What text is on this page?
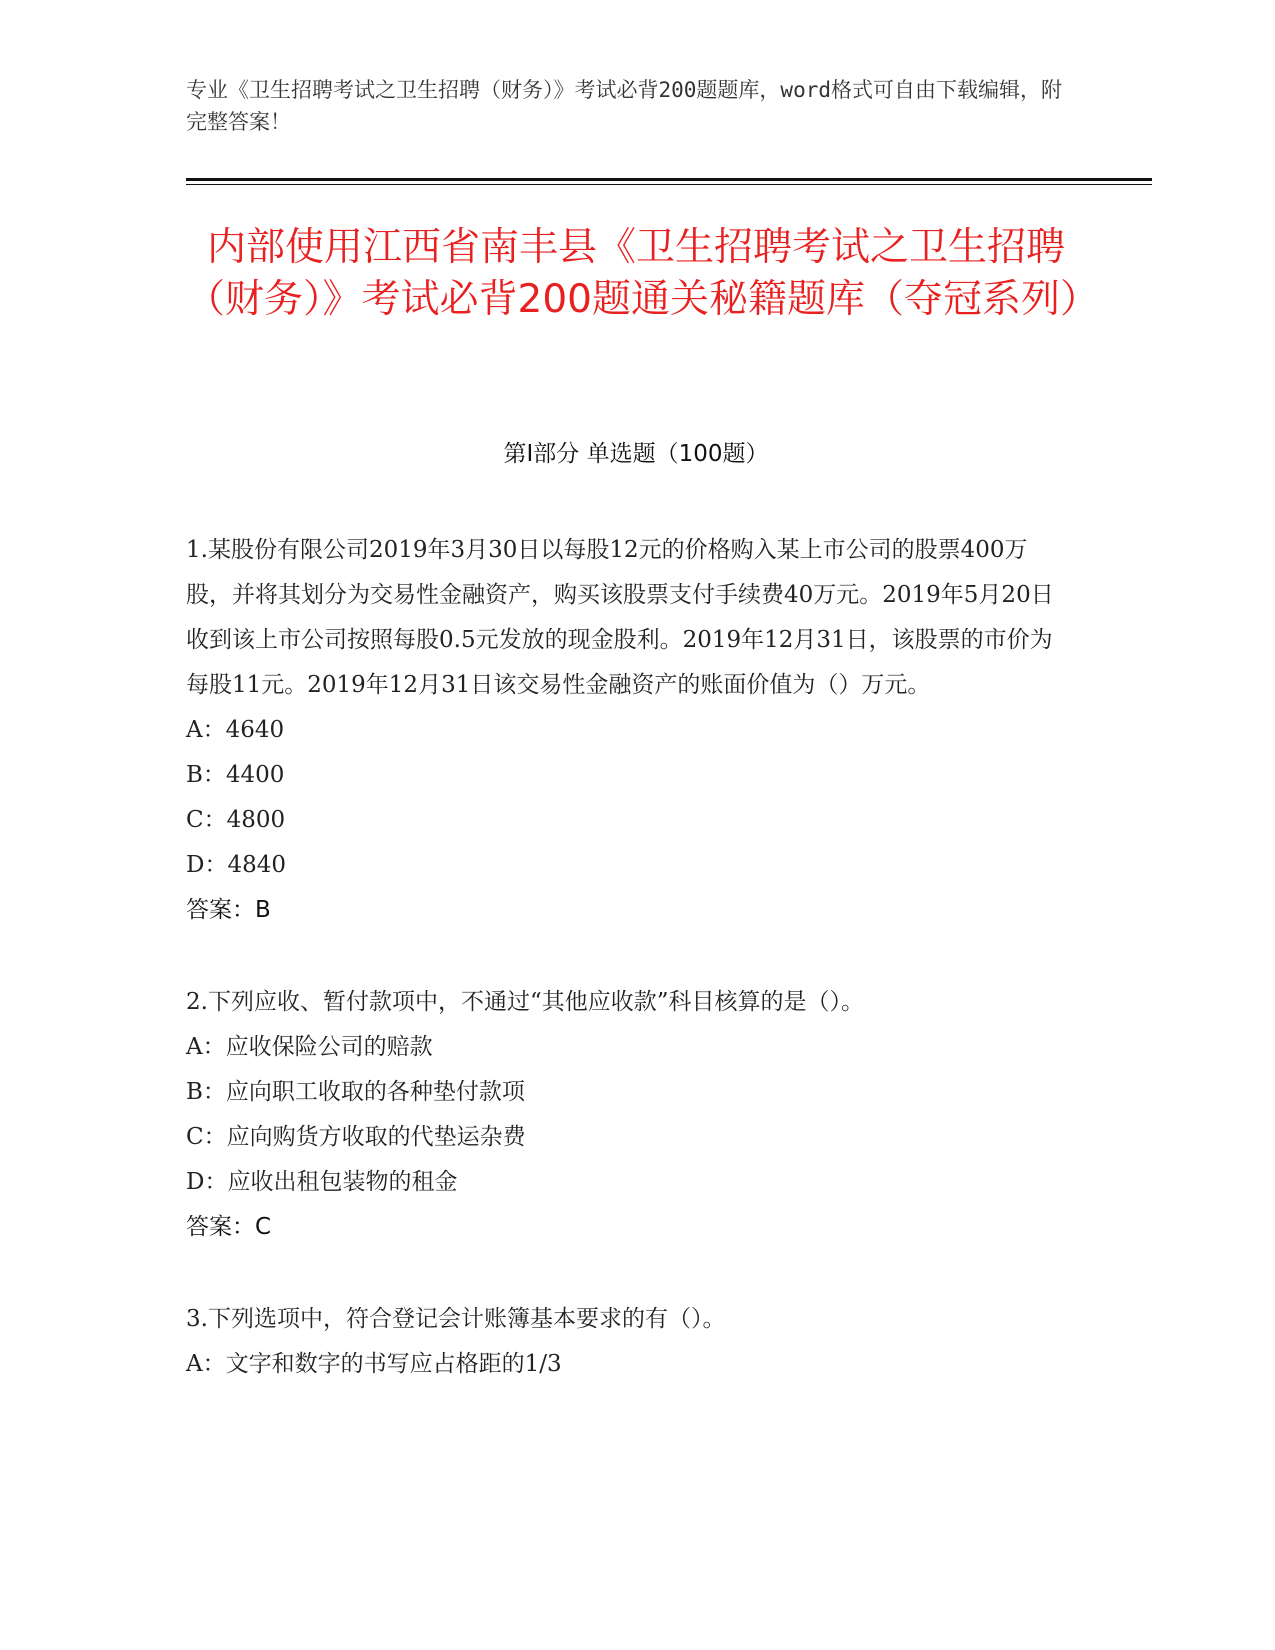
专业《卫生招聘考试之卫生招聘（财务）》考试必背200题题库，word格式可自由下载编辑，附完整答案！
内部使用江西省南丰县《卫生招聘考试之卫生招聘（财务）》考试必背200题通关秘籍题库（夺冠系列）
第Ⅰ部分 单选题（100题）

1.某股份有限公司2019年3月30日以每股12元的价格购入某上市公司的股票400万股，并将其划分为交易性金融资产，购买该股票支付手续费40万元。2019年5月20日收到该上市公司按照每股0.5元发放的现金股利。2019年12月31日，该股票的市价为每股11元。2019年12月31日该交易性金融资产的账面价值为（）万元。

A：4640

B：4400

C：4800

D：4840

答案：B

2.下列应收、暂付款项中，不通过“其他应收款”科目核算的是（）。

A：应收保险公司的赔款

B：应向职工收取的各种垫付款项

C：应向购货方收取的代垫运杂费

D：应收出租包装物的租金

答案：C

3.下列选项中，符合登记会计账簿基本要求的有（）。

A：文字和数字的书写应占格距的1/3
